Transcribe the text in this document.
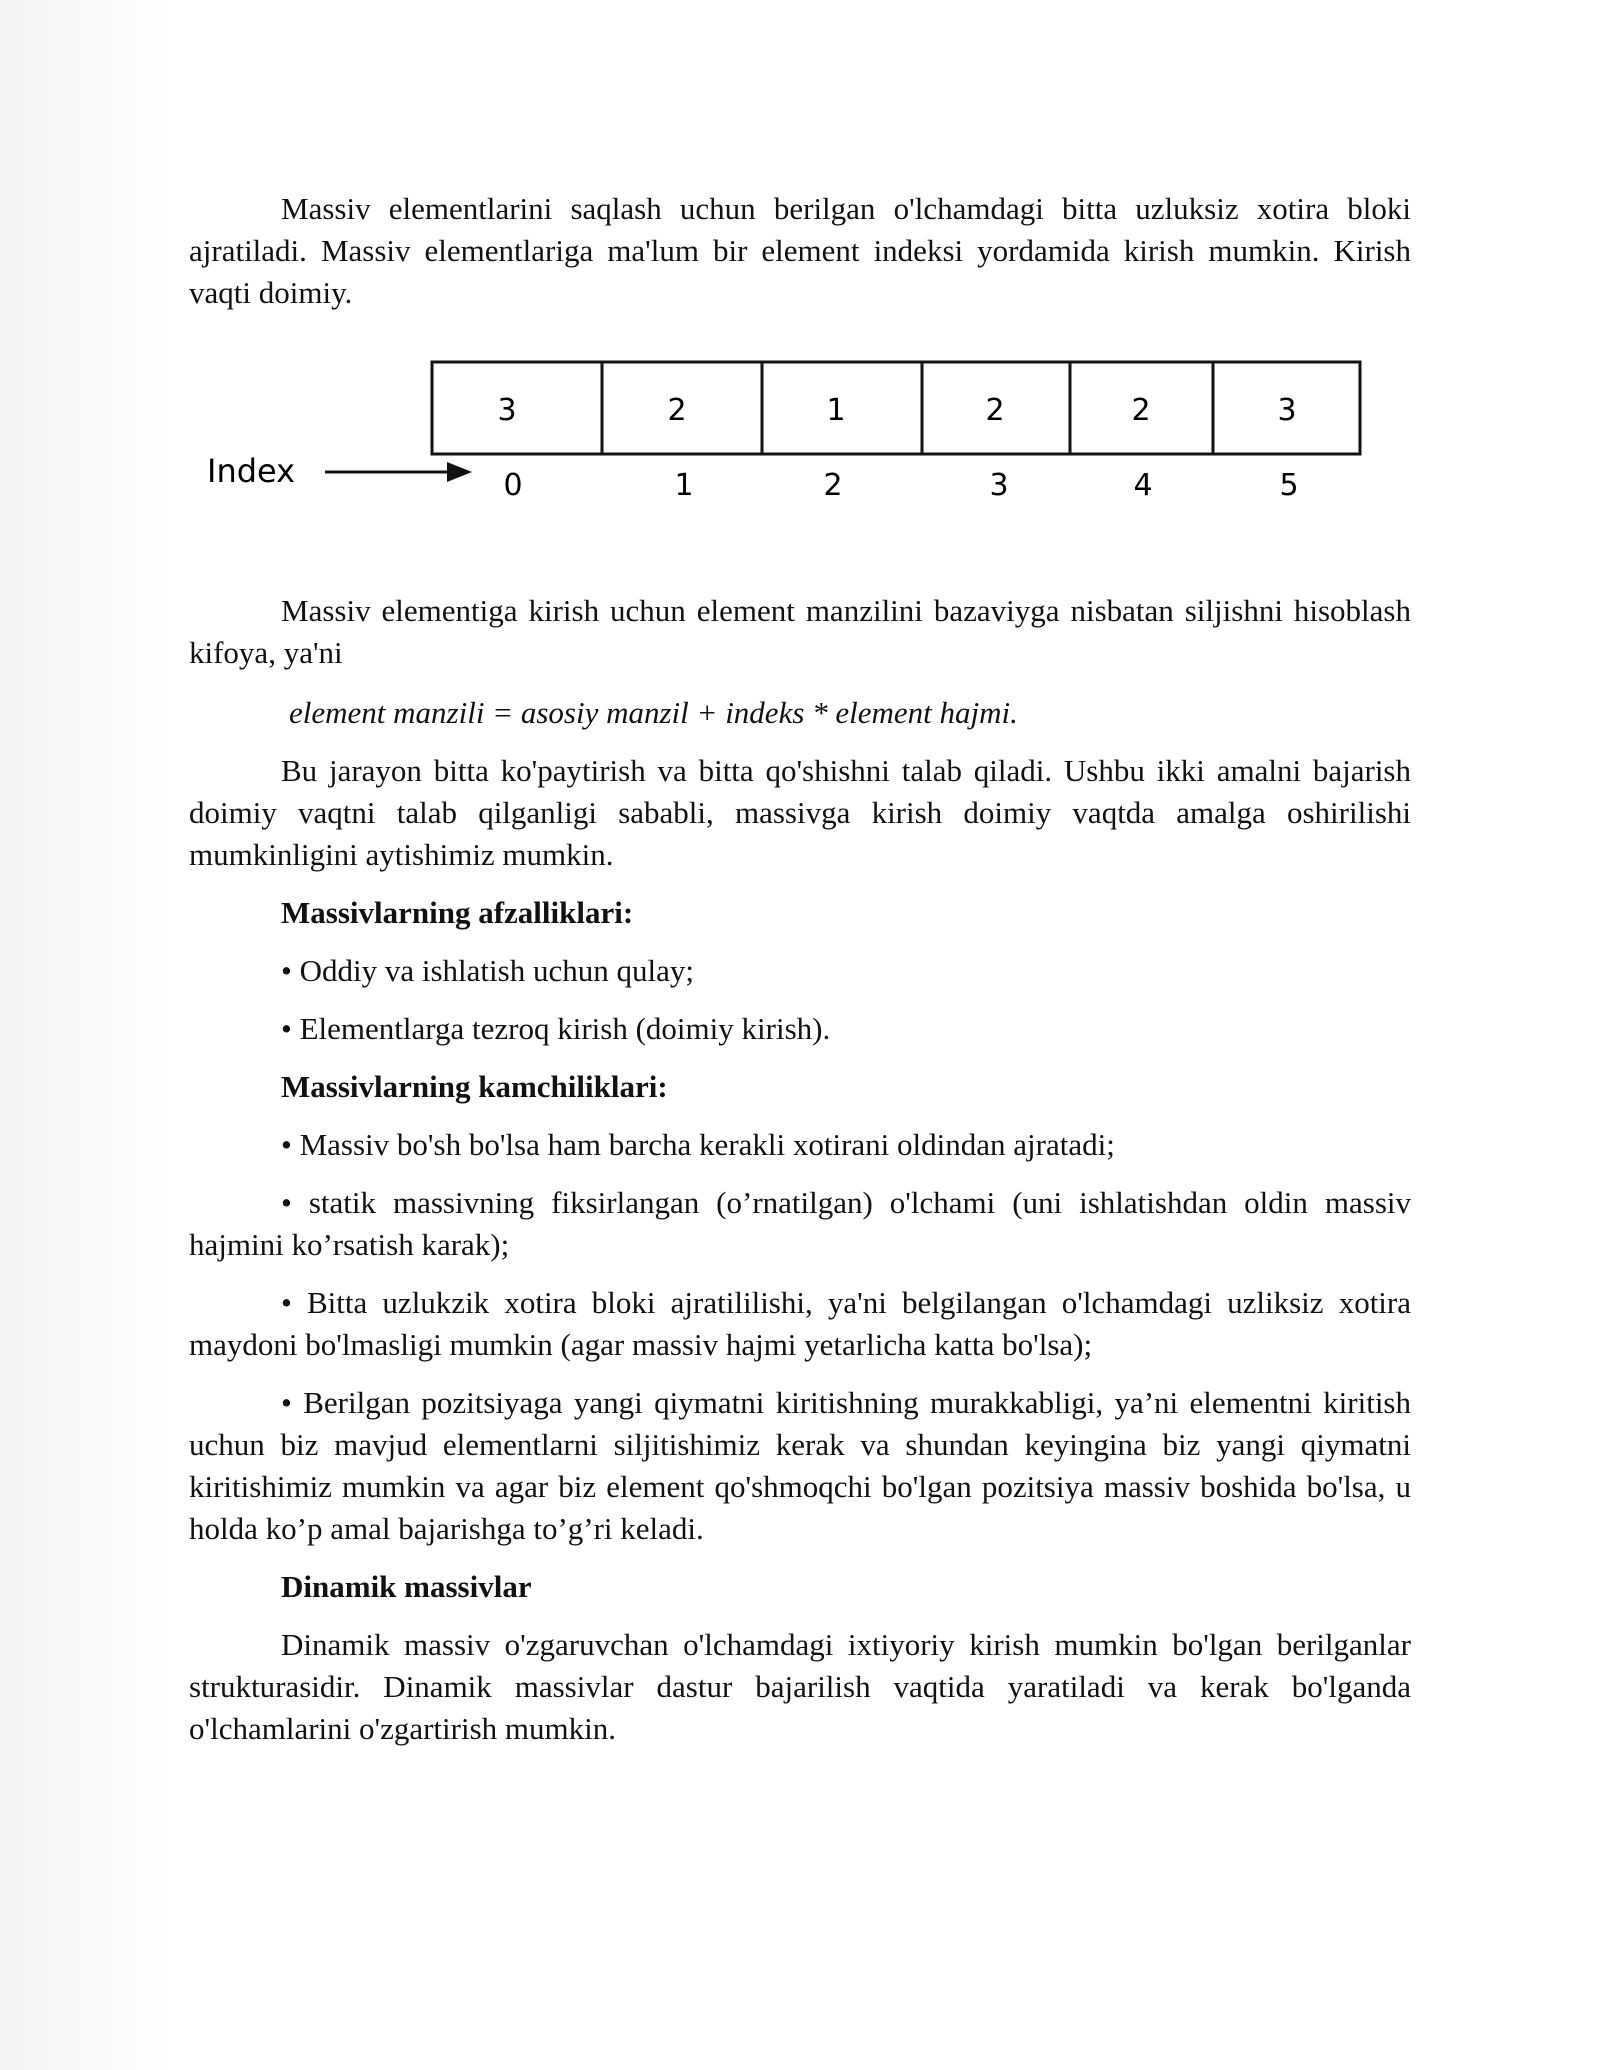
Massiv elementlarini saqlash uchun berilgan o'lchamdagi bitta uzluksiz xotira bloki ajratiladi. Massiv elementlariga ma'lum bir element indeksi yordamida kirish mumkin. Kirish vaqti doimiy.

3	2	1	2	2	3
Index	0	1	2	3	4	5

Massiv elementiga kirish uchun element manzilini bazaviyga nisbatan siljishni hisoblash kifoya, ya'ni

element manzili = asosiy manzil + indeks * element hajmi.

Bu jarayon bitta ko'paytirish va bitta qo'shishni talab qiladi. Ushbu ikki amalni bajarish doimiy vaqtni talab qilganligi sababli, massivga kirish doimiy vaqtda amalga oshirilishi mumkinligini aytishimiz mumkin.

Massivlarning afzalliklari:

• Oddiy va ishlatish uchun qulay;

• Elementlarga tezroq kirish (doimiy kirish).

Massivlarning kamchiliklari:

• Massiv bo'sh bo'lsa ham barcha kerakli xotirani oldindan ajratadi;

• statik massivning fiksirlangan (o’rnatilgan) o'lchami (uni ishlatishdan oldin massiv hajmini ko’rsatish karak);

• Bitta uzlukzik xotira bloki ajratililishi, ya'ni belgilangan o'lchamdagi uzliksiz xotira maydoni bo'lmasligi mumkin (agar massiv hajmi yetarlicha katta bo'lsa);

• Berilgan pozitsiyaga yangi qiymatni kiritishning murakkabligi, ya’ni elementni kiritish uchun biz mavjud elementlarni siljitishimiz kerak va shundan keyingina biz yangi qiymatni kiritishimiz mumkin va agar biz element qo'shmoqchi bo'lgan pozitsiya massiv boshida bo'lsa, u holda ko’p amal bajarishga to’g’ri keladi.

Dinamik massivlar

Dinamik massiv o'zgaruvchan o'lchamdagi ixtiyoriy kirish mumkin bo'lgan berilganlar strukturasidir. Dinamik massivlar dastur bajarilish vaqtida yaratiladi va kerak bo'lganda o'lchamlarini o'zgartirish mumkin.
